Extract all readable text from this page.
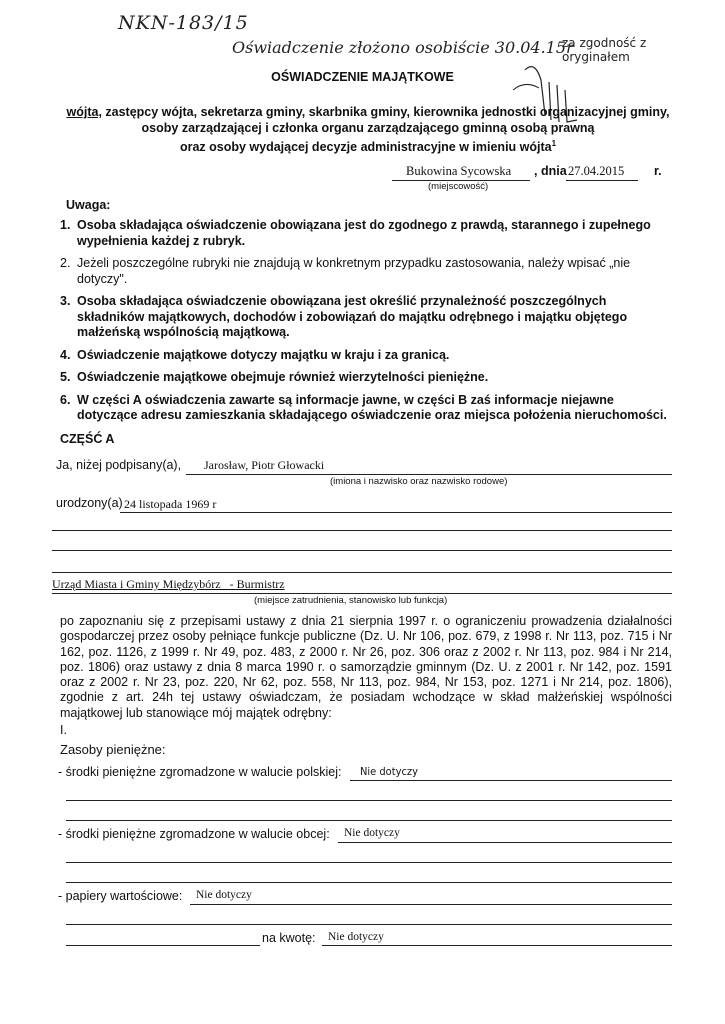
NKN-183/15
Oświadczenie złożono osobiście 30.04.15r
za zgodność z oryginałem
OŚWIADCZENIE MAJĄTKOWE
wójta, zastępcy wójta, sekretarza gminy, skarbnika gminy, kierownika jednostki organizacyjnej gminy,
osoby zarządzającej i członka organu zarządzającego gminną osobą prawną
oraz osoby wydającej decyzje administracyjne w imieniu wójta$^1$
Bukowina Sycowska , dnia 27.04.2015 r.
(miejscowość)
Uwaga:
1. Osoba składająca oświadczenie obowiązana jest do zgodnego z prawdą, starannego i zupełnego wypełnienia każdej z rubryk.
2. Jeżeli poszczególne rubryki nie znajdują w konkretnym przypadku zastosowania, należy wpisać „nie dotyczy".
3. Osoba składająca oświadczenie obowiązana jest określić przynależność poszczególnych składników majątkowych, dochodów i zobowiązań do majątku odrębnego i majątku objętego małżeńską wspólnością majątkową.
4. Oświadczenie majątkowe dotyczy majątku w kraju i za granicą.
5. Oświadczenie majątkowe obejmuje również wierzytelności pieniężne.
6. W części A oświadczenia zawarte są informacje jawne, w części B zaś informacje niejawne dotyczące adresu zamieszkania składającego oświadczenie oraz miejsca położenia nieruchomości.
CZĘŚĆ A
Ja, niżej podpisany(a), Jarosław, Piotr Głowacki
(imiona i nazwisko oraz nazwisko rodowe)
urodzony(a) 24 listopada 1969 r
Urząd Miasta i Gminy Międzybórz   - Burmistrz
(miejsce zatrudnienia, stanowisko lub funkcja)
po zapoznaniu się z przepisami ustawy z dnia 21 sierpnia 1997 r. o ograniczeniu prowadzenia działalności gospodarczej przez osoby pełniące funkcje publiczne (Dz. U. Nr 106, poz. 679, z 1998 r. Nr 113, poz. 715 i Nr 162, poz. 1126, z 1999 r. Nr 49, poz. 483, z 2000 r. Nr 26, poz. 306 oraz z 2002 r. Nr 113, poz. 984 i Nr 214, poz. 1806) oraz ustawy z dnia 8 marca 1990 r. o samorządzie gminnym (Dz. U. z 2001 r. Nr 142, poz. 1591 oraz z 2002 r. Nr 23, poz. 220, Nr 62, poz. 558, Nr 113, poz. 984, Nr 153, poz. 1271 i Nr 214, poz. 1806), zgodnie z art. 24h tej ustawy oświadczam, że posiadam wchodzące w skład małżeńskiej wspólności majątkowej lub stanowiące mój majątek odrębny:
I.
Zasoby pieniężne:
- środki pieniężne zgromadzone w walucie polskiej: Nie dotyczy
- środki pieniężne zgromadzone w walucie obcej: Nie dotyczy
- papiery wartościowe: Nie dotyczy
na kwotę: Nie dotyczy
